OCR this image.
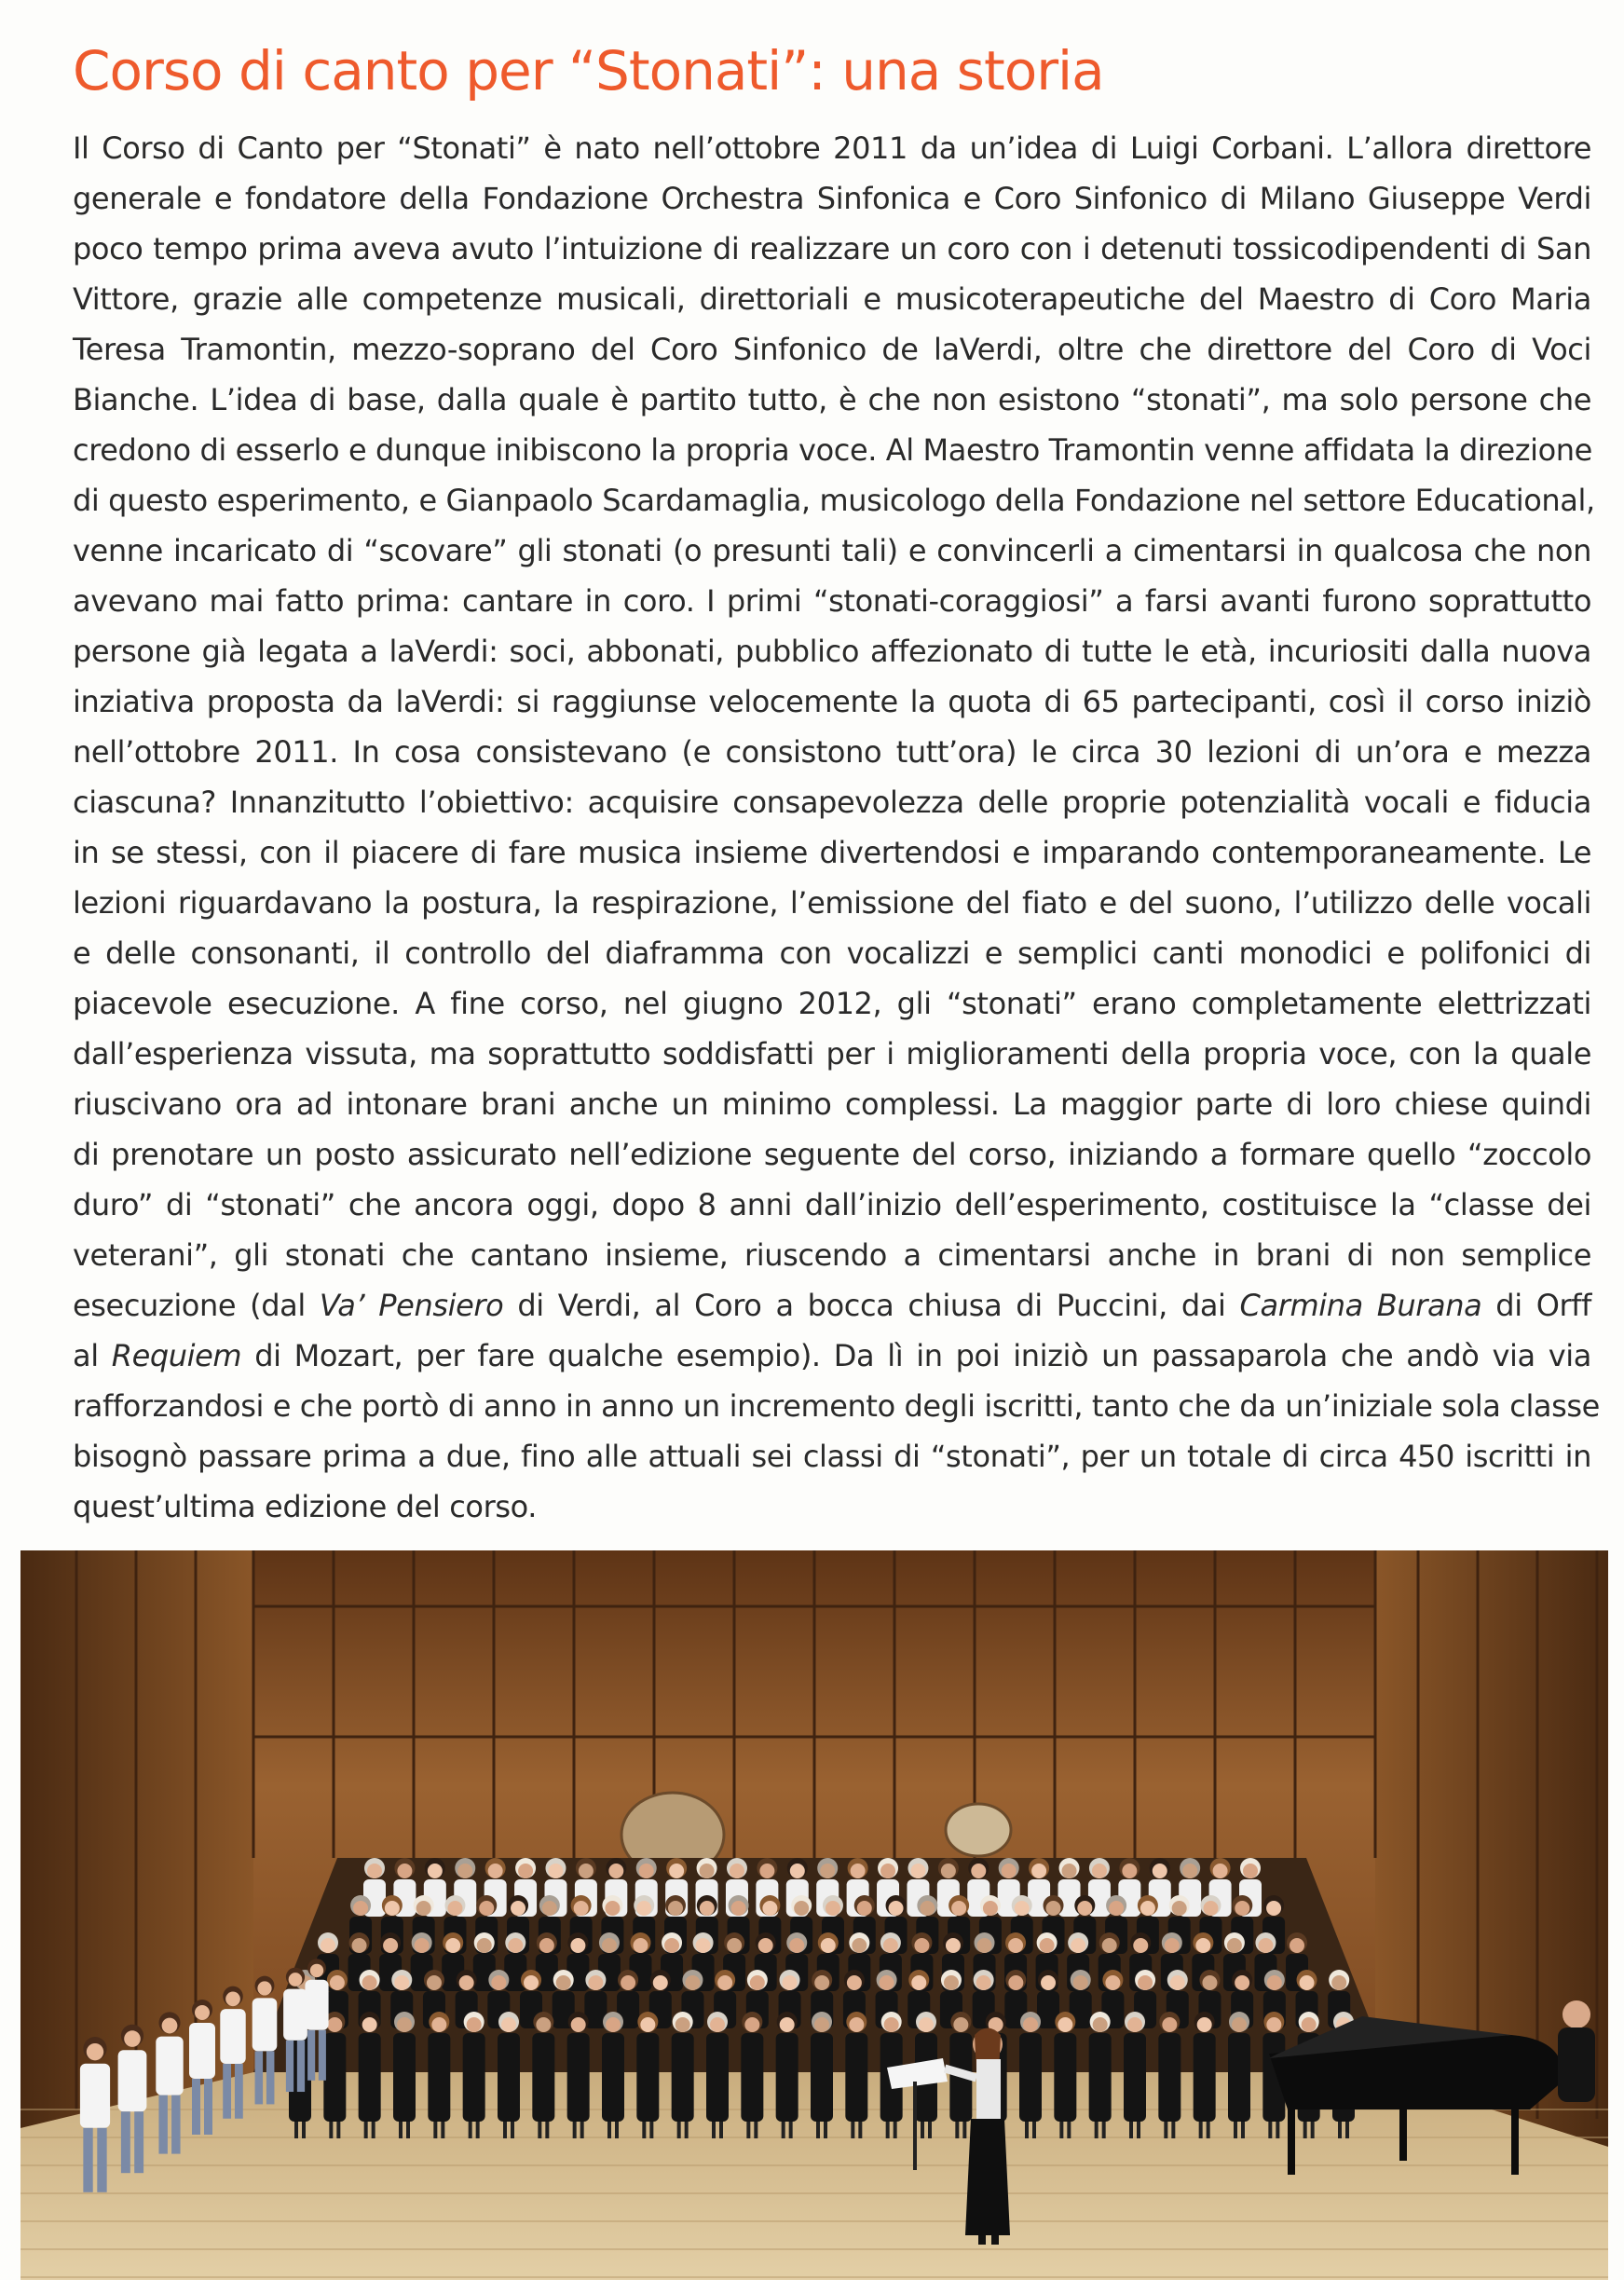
Corso di canto per “Stonati”: una storia
Il Corso di Canto per “Stonati” è nato nell’ottobre 2011 da un’idea di Luigi Corbani. L’allora direttore
generale e fondatore della Fondazione Orchestra Sinfonica e Coro Sinfonico di Milano Giuseppe Verdi
poco tempo prima aveva avuto l’intuizione di realizzare un coro con i detenuti tossicodipendenti di San
Vittore, grazie alle competenze musicali, direttoriali e musicoterapeutiche del Maestro di Coro Maria
Teresa Tramontin, mezzo-soprano del Coro Sinfonico de laVerdi, oltre che direttore del Coro di Voci
Bianche. L’idea di base, dalla quale è partito tutto, è che non esistono “stonati”, ma solo persone che
credono di esserlo e dunque inibiscono la propria voce. Al Maestro Tramontin venne affidata la direzione
di questo esperimento, e Gianpaolo Scardamaglia, musicologo della Fondazione nel settore Educational,
venne incaricato di “scovare” gli stonati (o presunti tali) e convincerli a cimentarsi in qualcosa che non
avevano mai fatto prima: cantare in coro. I primi “stonati-coraggiosi” a farsi avanti furono soprattutto
persone già legata a laVerdi: soci, abbonati, pubblico affezionato di tutte le età, incuriositi dalla nuova
inziativa proposta da laVerdi: si raggiunse velocemente la quota di 65 partecipanti, così il corso iniziò
nell’ottobre 2011. In cosa consistevano (e consistono tutt’ora) le circa 30 lezioni di un’ora e mezza
ciascuna? Innanzitutto l’obiettivo: acquisire consapevolezza delle proprie potenzialità vocali e fiducia
in se stessi, con il piacere di fare musica insieme divertendosi e imparando contemporaneamente. Le
lezioni riguardavano la postura, la respirazione, l’emissione del fiato e del suono, l’utilizzo delle vocali
e delle consonanti, il controllo del diaframma con vocalizzi e semplici canti monodici e polifonici di
piacevole esecuzione. A fine corso, nel giugno 2012, gli “stonati” erano completamente elettrizzati
dall’esperienza vissuta, ma soprattutto soddisfatti per i miglioramenti della propria voce, con la quale
riuscivano ora ad intonare brani anche un minimo complessi. La maggior parte di loro chiese quindi
di prenotare un posto assicurato nell’edizione seguente del corso, iniziando a formare quello “zoccolo
duro” di “stonati” che ancora oggi, dopo 8 anni dall’inizio dell’esperimento, costituisce la “classe dei
veterani”, gli stonati che cantano insieme, riuscendo a cimentarsi anche in brani di non semplice
esecuzione (dal Va’ Pensiero di Verdi, al Coro a bocca chiusa di Puccini, dai Carmina Burana di Orff
al Requiem di Mozart, per fare qualche esempio). Da lì in poi iniziò un passaparola che andò via via
rafforzandosi e che portò di anno in anno un incremento degli iscritti, tanto che da un’iniziale sola classe
bisognò passare prima a due, fino alle attuali sei classi di “stonati”, per un totale di circa 450 iscritti in
quest’ultima edizione del corso.
